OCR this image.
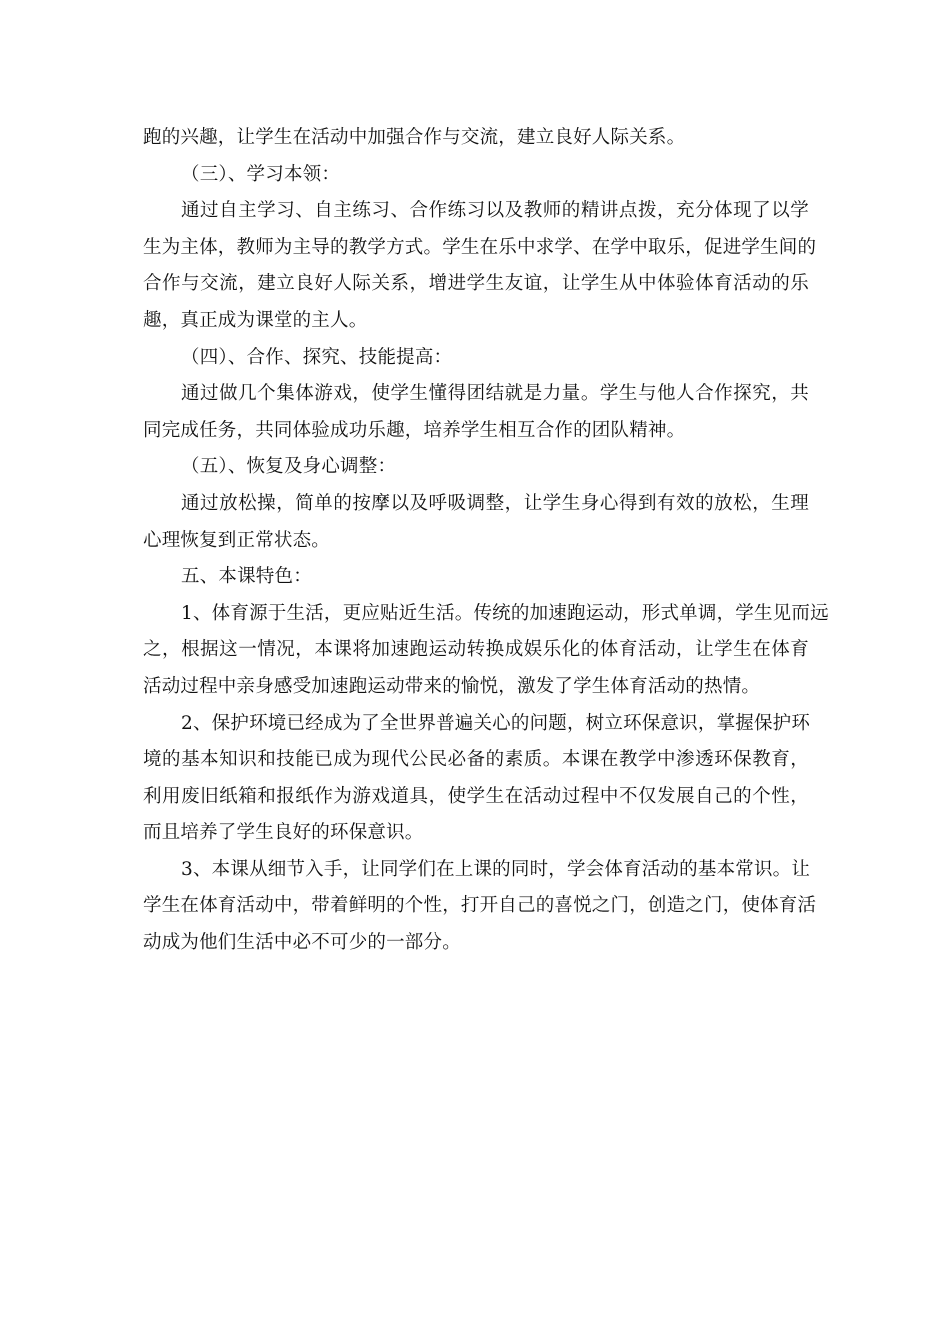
跑的兴趣，让学生在活动中加强合作与交流，建立良好人际关系。
（三）、学习本领：
通过自主学习、自主练习、合作练习以及教师的精讲点拨，充分体现了以学
生为主体，教师为主导的教学方式。学生在乐中求学、在学中取乐，促进学生间的
合作与交流，建立良好人际关系，增进学生友谊，让学生从中体验体育活动的乐
趣，真正成为课堂的主人。
（四）、合作、探究、技能提高：
通过做几个集体游戏，使学生懂得团结就是力量。学生与他人合作探究，共
同完成任务，共同体验成功乐趣，培养学生相互合作的团队精神。
（五）、恢复及身心调整：
通过放松操，简单的按摩以及呼吸调整，让学生身心得到有效的放松，生理
心理恢复到正常状态。
五、本课特色：
1、体育源于生活，更应贴近生活。传统的加速跑运动，形式单调，学生见而远
之，根据这一情况，本课将加速跑运动转换成娱乐化的体育活动，让学生在体育
活动过程中亲身感受加速跑运动带来的愉悦，激发了学生体育活动的热情。
2、保护环境已经成为了全世界普遍关心的问题，树立环保意识，掌握保护环
境的基本知识和技能已成为现代公民必备的素质。本课在教学中渗透环保教育，
利用废旧纸箱和报纸作为游戏道具，使学生在活动过程中不仅发展自己的个性，
而且培养了学生良好的环保意识。
3、本课从细节入手，让同学们在上课的同时，学会体育活动的基本常识。让
学生在体育活动中，带着鲜明的个性，打开自己的喜悦之门，创造之门，使体育活
动成为他们生活中必不可少的一部分。
